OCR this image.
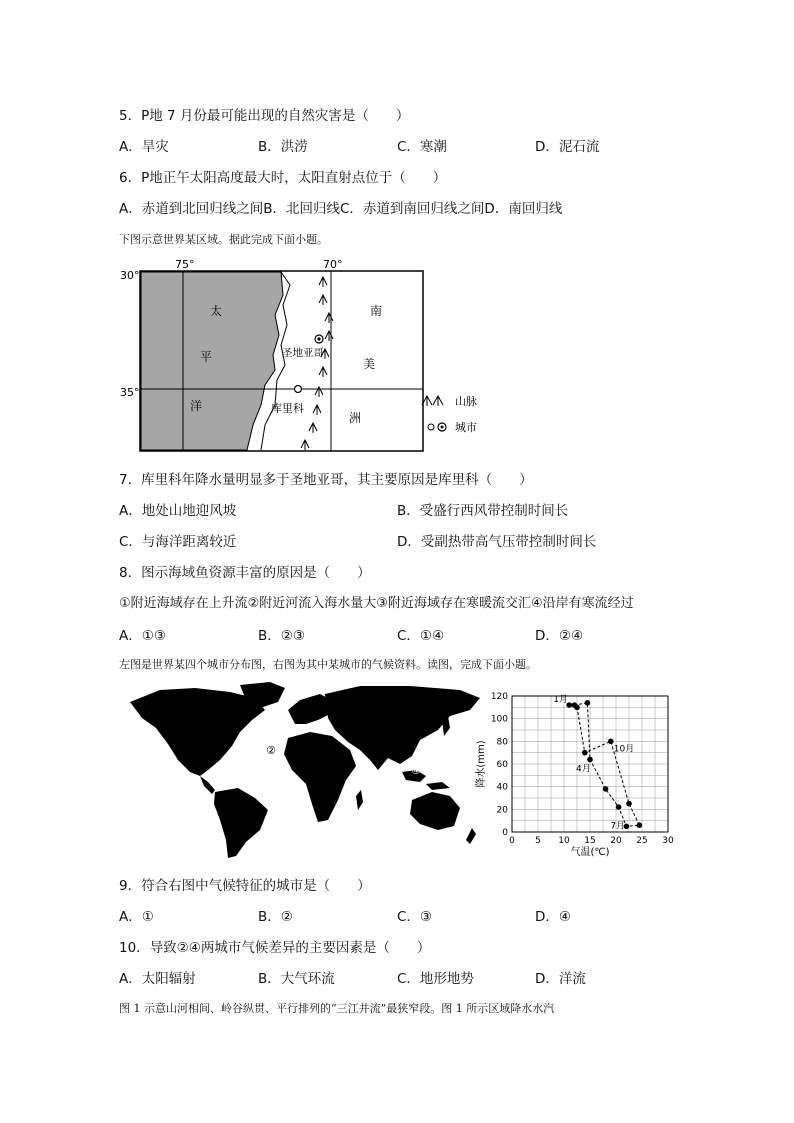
5．P地 7 月份最可能出现的自然灾害是（　　）
A．旱灾	B．洪涝	C．寒潮	D．泥石流
6．P地正午太阳高度最大时，太阳直射点位于（　　）
A．赤道到北回归线之间B．北回归线C．赤道到南回归线之间D．南回归线
下图示意世界某区域。据此完成下面小题。
30°
35°
75°	70°
太
平
洋
南
美
洲
圣地亚哥
库里科
山脉
城市
7．库里科年降水量明显多于圣地亚哥，其主要原因是库里科（　　）
A．地处山地迎风坡	B．受盛行西风带控制时间长
C．与海洋距离较近	D．受副热带高气压带控制时间长
8．图示海域鱼资源丰富的原因是（　　）
①附近海域存在上升流②附近河流入海水量大③附近海域存在寒暖流交汇④沿岸有寒流经过
A．①③	B．②③	C．①④	D．②④
左图是世界某四个城市分布图，右图为其中某城市的气候资料。读图，完成下面小题。
②
④
0 5 10 15 20 25 30
0
20
40
60
80
100
120
气温(℃)
降水(mm)
1月
4月
7月
10月
9．符合右图中气候特征的城市是（　　）
A．①	B．②	C．③	D．④
10．导致②④两城市气候差异的主要因素是（　　）
A．太阳辐射	B．大气环流	C．地形地势	D．洋流
图 1 示意山河相间、岭谷纵贯、平行排列的“三江并流”最狭窄段。图 1 所示区域降水水汽
